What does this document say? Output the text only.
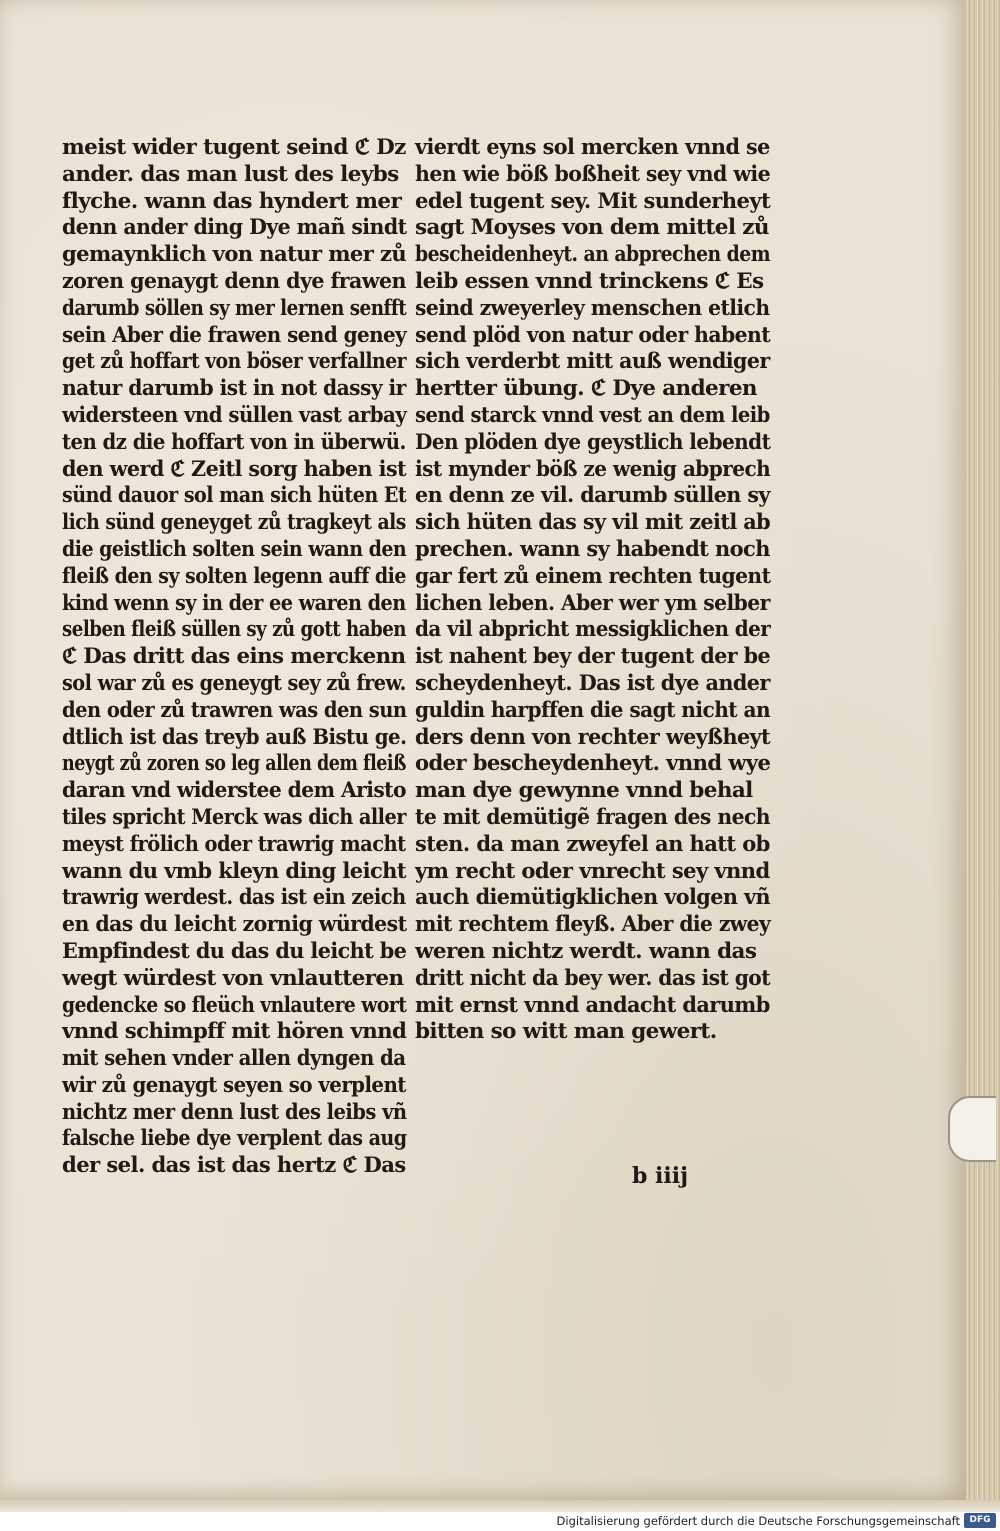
meist wider tugent seind ℭ Dz
ander. das man lust des leybs
flyche. wann das hyndert mer
denn ander ding Dye mañ sindt
gemaynklich von natur mer zů
zoren genaygt denn dye frawen
darumb söllen sy mer lernen senfft
sein Aber die frawen send geney
get zů hoffart von böser verfallner
natur darumb ist in not dassy ir
widersteen vnd süllen vast arbay
ten dz die hoffart von in überwü.
den werd ℭ Zeitl sorg haben ist
sünd dauor sol man sich hüten Et
lich sünd geneyget zů tragkeyt als
die geistlich solten sein wann den
fleiß den sy solten legenn auff die
kind wenn sy in der ee waren den
selben fleiß süllen sy zů gott haben
ℭ Das dritt das eins merckenn
sol war zů es geneygt sey zů frew.
den oder zů trawren was den sun
dtlich ist das treyb auß Bistu ge.
neygt zů zoren so leg allen dem fleiß
daran vnd widerstee dem Aristo
tiles spricht Merck was dich aller
meyst frölich oder trawrig macht
wann du vmb kleyn ding leicht
trawrig werdest. das ist ein zeich
en das du leicht zornig würdest
Empfindest du das du leicht be
wegt würdest von vnlautteren
gedencke so fleüch vnlautere wort
vnnd schimpff mit hören vnnd
mit sehen vnder allen dyngen da
wir zů genaygt seyen so verplent
nichtz mer denn lust des leibs vñ
falsche liebe dye verplent das aug
der sel. das ist das hertz ℭ Das
vierdt eyns sol mercken vnnd se
hen wie böß boßheit sey vnd wie
edel tugent sey. Mit sunderheyt
sagt Moyses von dem mittel zů
bescheidenheyt. an abprechen dem
leib essen vnnd trinckens ℭ Es
seind zweyerley menschen etlich
send plöd von natur oder habent
sich verderbt mitt auß wendiger
hertter übung. ℭ Dye anderen
send starck vnnd vest an dem leib
Den plöden dye geystlich lebendt
ist mynder böß ze wenig abprech
en denn ze vil. darumb süllen sy
sich hüten das sy vil mit zeitl ab
prechen. wann sy habendt noch
gar fert zů einem rechten tugent
lichen leben. Aber wer ym selber
da vil abpricht messigklichen der
ist nahent bey der tugent der be
scheydenheyt. Das ist dye ander
guldin harpffen die sagt nicht an
ders denn von rechter weyßheyt
oder bescheydenheyt. vnnd wye
man dye gewynne vnnd behal
te mit demütigẽ fragen des nech
sten. da man zweyfel an hatt ob
ym recht oder vnrecht sey vnnd
auch diemütigklichen volgen vñ
mit rechtem fleyß. Aber die zwey
weren nichtz werdt. wann das
dritt nicht da bey wer. das ist got
mit ernst vnnd andacht darumb
bitten so witt man gewert.
b iiij
Digitalisierung gefördert durch die Deutsche Forschungsgemeinschaft	DFG
